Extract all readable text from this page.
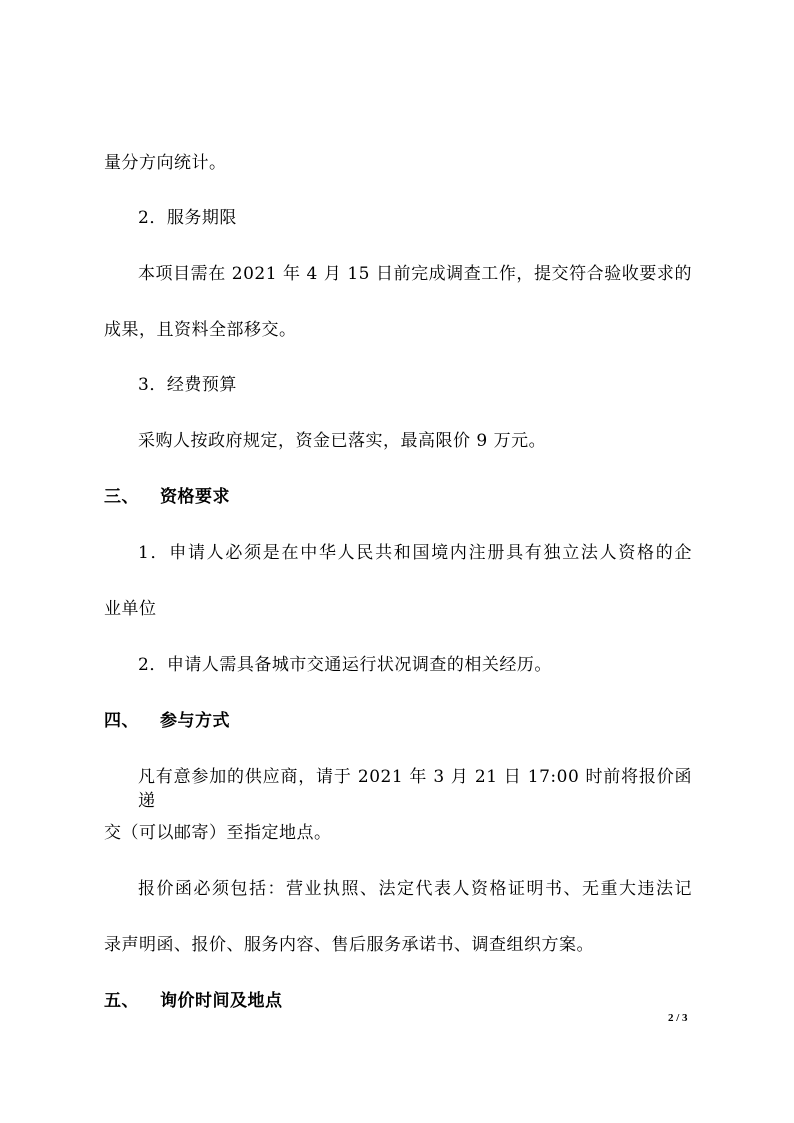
量分方向统计。
2．服务期限
本项目需在 2021 年 4 月 15 日前完成调查工作，提交符合验收要求的
成果，且资料全部移交。
3．经费预算
采购人按政府规定，资金已落实，最高限价 9 万元。
三、 资格要求
1．申请人必须是在中华人民共和国境内注册具有独立法人资格的企
业单位
2．申请人需具备城市交通运行状况调查的相关经历。
四、 参与方式
凡有意参加的供应商，请于 2021 年 3 月 21 日 17:00 时前将报价函递
交（可以邮寄）至指定地点。
报价函必须包括：营业执照、法定代表人资格证明书、无重大违法记
录声明函、报价、服务内容、售后服务承诺书、调查组织方案。
五、 询价时间及地点
2 / 3
